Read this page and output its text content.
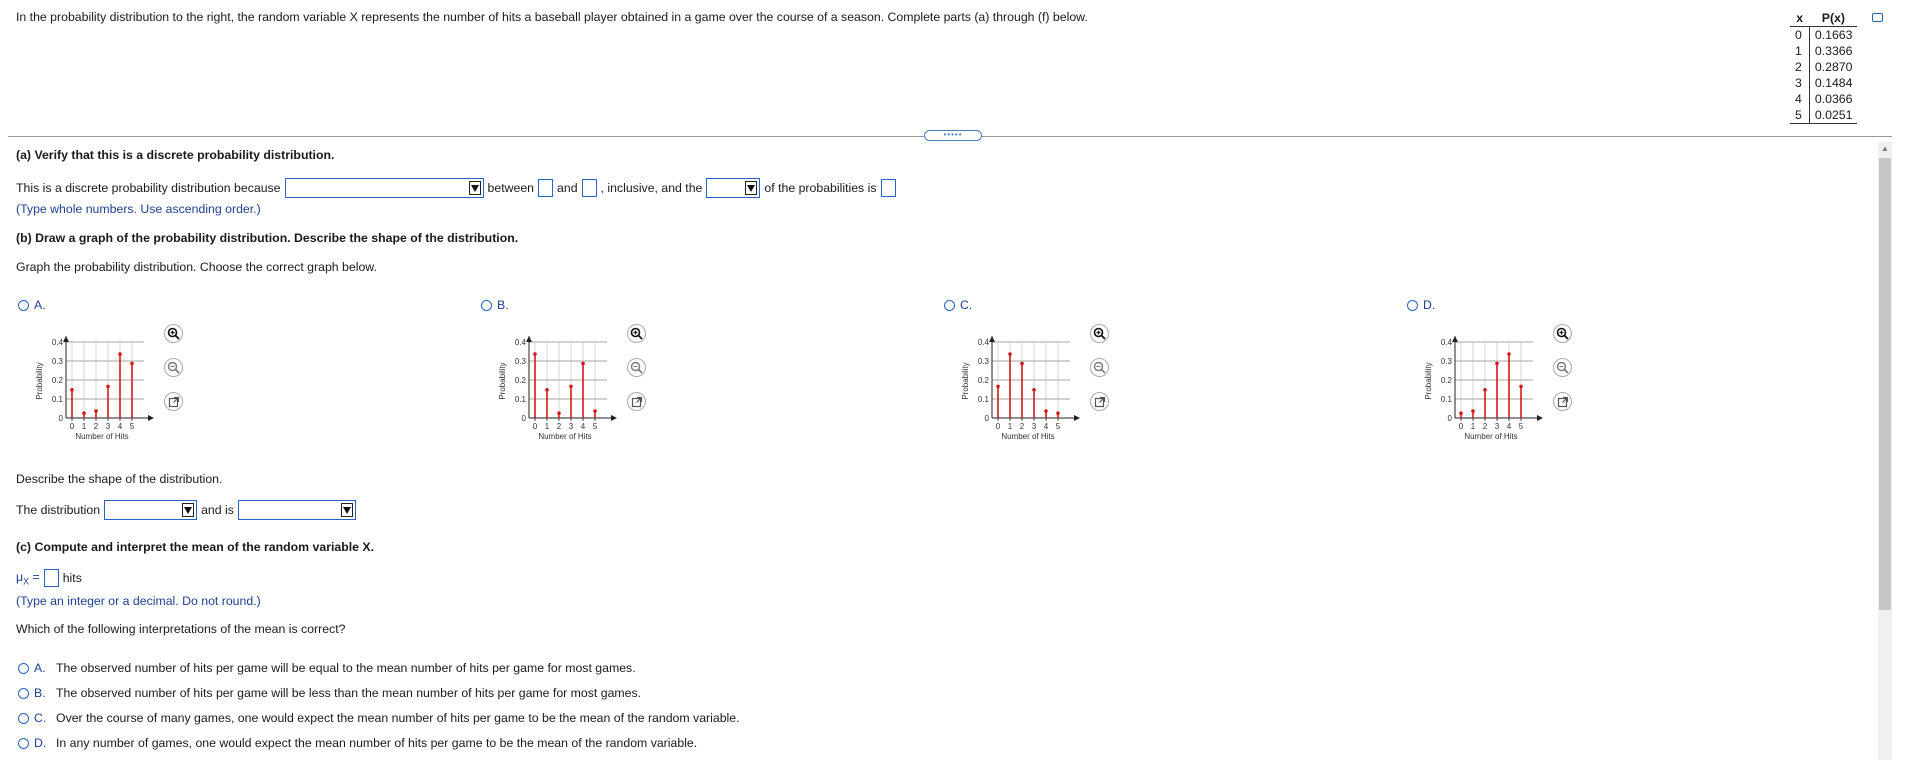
In the probability distribution to the right, the random variable X represents the number of hits a baseball player obtained in a game over the course of a season. Complete parts (a) through (f) below.	x	P(x)
0	0.1663
1	0.3366
2	0.2870
3	0.1484
4	0.0366
5	0.0251
•••••
▲
(a) Verify that this is a discrete probability distribution.
This is a discrete probability distribution because	between and , inclusive, and the	of the probabilities is
(Type whole numbers. Use ascending order.)
(b) Draw a graph of the probability distribution. Describe the shape of the distribution.
Graph the probability distribution. Choose the correct graph below.
A.
0.4
0.3
0.2
0.1
0
0 1 2 3 4 5
Number of Hits
Probability
B.
0.4
0.3
0.2
0.1
0
0 1 2 3 4 5
Number of Hits
Probability
C.
0.4
0.3
0.2
0.1
0
0 1 2 3 4 5
Number of Hits
Probability
D.
0.4
0.3
0.2
0.1
0
0 1 2 3 4 5
Number of Hits
Probability
Describe the shape of the distribution.
The distribution	and is
(c) Compute and interpret the mean of the random variable X.
$\mu_X$ = hits
(Type an integer or a decimal. Do not round.)
Which of the following interpretations of the mean is correct?
A. The observed number of hits per game will be equal to the mean number of hits per game for most games.
B. The observed number of hits per game will be less than the mean number of hits per game for most games.
C. Over the course of many games, one would expect the mean number of hits per game to be the mean of the random variable.
D. In any number of games, one would expect the mean number of hits per game to be the mean of the random variable.
